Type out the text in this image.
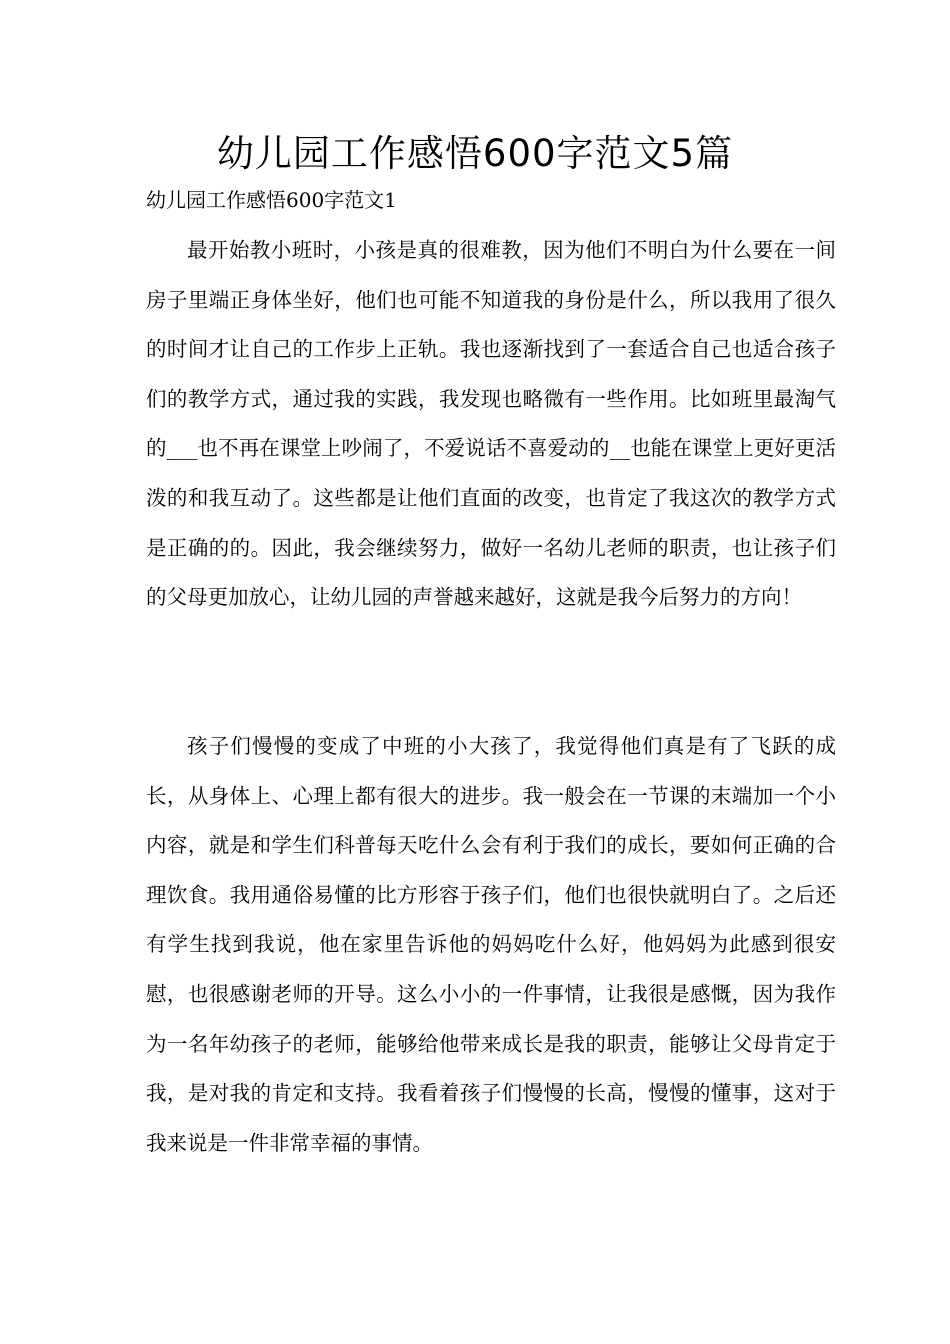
幼儿园工作感悟600字范文5篇

幼儿园工作感悟600字范文1

最开始教小班时，小孩是真的很难教，因为他们不明白为什么要在一间房子里端正身体坐好，他们也可能不知道我的身份是什么，所以我用了很久的时间才让自己的工作步上正轨。我也逐渐找到了一套适合自己也适合孩子们的教学方式，通过我的实践，我发现也略微有一些作用。比如班里最淘气的___也不再在课堂上吵闹了，不爱说话不喜爱动的__也能在课堂上更好更活泼的和我互动了。这些都是让他们直面的改变，也肯定了我这次的教学方式是正确的的。因此，我会继续努力，做好一名幼儿老师的职责，也让孩子们的父母更加放心，让幼儿园的声誉越来越好，这就是我今后努力的方向！

孩子们慢慢的变成了中班的小大孩了，我觉得他们真是有了飞跃的成长，从身体上、心理上都有很大的进步。我一般会在一节课的末端加一个小内容，就是和学生们科普每天吃什么会有利于我们的成长，要如何正确的合理饮食。我用通俗易懂的比方形容于孩子们，他们也很快就明白了。之后还有学生找到我说，他在家里告诉他的妈妈吃什么好，他妈妈为此感到很安慰，也很感谢老师的开导。这么小小的一件事情，让我很是感慨，因为我作为一名年幼孩子的老师，能够给他带来成长是我的职责，能够让父母肯定于我，是对我的肯定和支持。我看着孩子们慢慢的长高，慢慢的懂事，这对于我来说是一件非常幸福的事情。
